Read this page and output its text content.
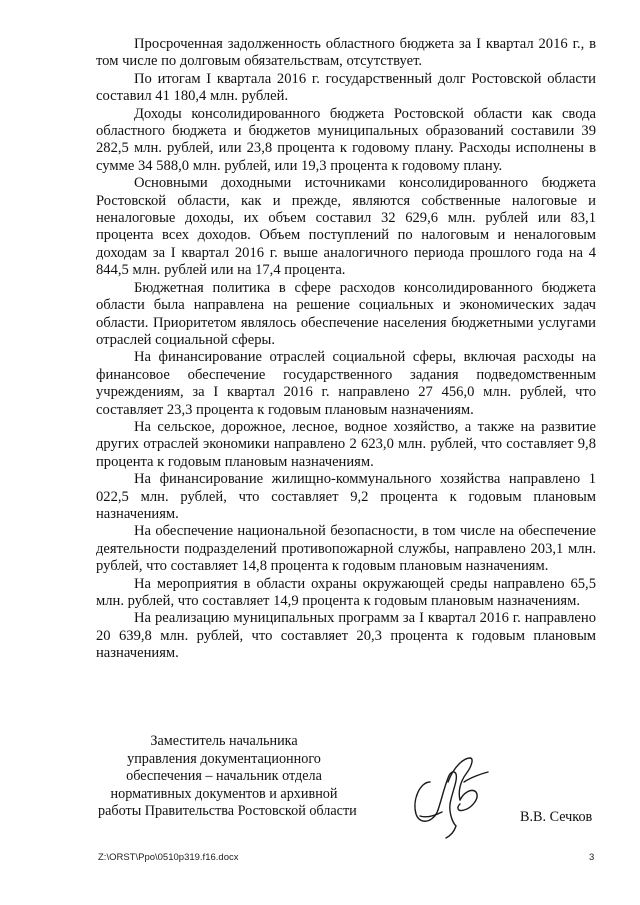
Просроченная задолженность областного бюджета за I квартал 2016 г., в том числе по долговым обязательствам, отсутствует.

По итогам I квартала 2016 г. государственный долг Ростовской области составил 41 180,4 млн. рублей.

Доходы консолидированного бюджета Ростовской области как свода областного бюджета и бюджетов муниципальных образований составили 39 282,5 млн. рублей, или 23,8 процента к годовому плану. Расходы исполнены в сумме 34 588,0 млн. рублей, или 19,3 процента к годовому плану.

Основными доходными источниками консолидированного бюджета Ростовской области, как и прежде, являются собственные налоговые и неналоговые доходы, их объем составил 32 629,6 млн. рублей или 83,1 процента всех доходов. Объем поступлений по налоговым и неналоговым доходам за I квартал 2016 г. выше аналогичного периода прошлого года на 4 844,5 млн. рублей или на 17,4 процента.

Бюджетная политика в сфере расходов консолидированного бюджета области была направлена на решение социальных и экономических задач области. Приоритетом являлось обеспечение населения бюджетными услугами отраслей социальной сферы.

На финансирование отраслей социальной сферы, включая расходы на финансовое обеспечение государственного задания подведомственным учреждениям, за I квартал 2016 г. направлено 27 456,0 млн. рублей, что составляет 23,3 процента к годовым плановым назначениям.

На сельское, дорожное, лесное, водное хозяйство, а также на развитие других отраслей экономики направлено 2 623,0 млн. рублей, что составляет 9,8 процента к годовым плановым назначениям.

На финансирование жилищно-коммунального хозяйства направлено 1 022,5 млн. рублей, что составляет 9,2 процента к годовым плановым назначениям.

На обеспечение национальной безопасности, в том числе на обеспечение деятельности подразделений противопожарной службы, направлено 203,1 млн. рублей, что составляет 14,8 процента к годовым плановым назначениям.

На мероприятия в области охраны окружающей среды направлено 65,5 млн. рублей, что составляет 14,9 процента к годовым плановым назначениям.

На реализацию муниципальных программ за I квартал 2016 г. направлено 20 639,8 млн. рублей, что составляет 20,3 процента к годовым плановым назначениям.

Заместитель начальника
управления документационного
обеспечения – начальник отдела
нормативных документов и архивной
работы Правительства Ростовской области	В.В. Сечков
Z:\ORST\Ppo\0510p319.f16.docx	3
